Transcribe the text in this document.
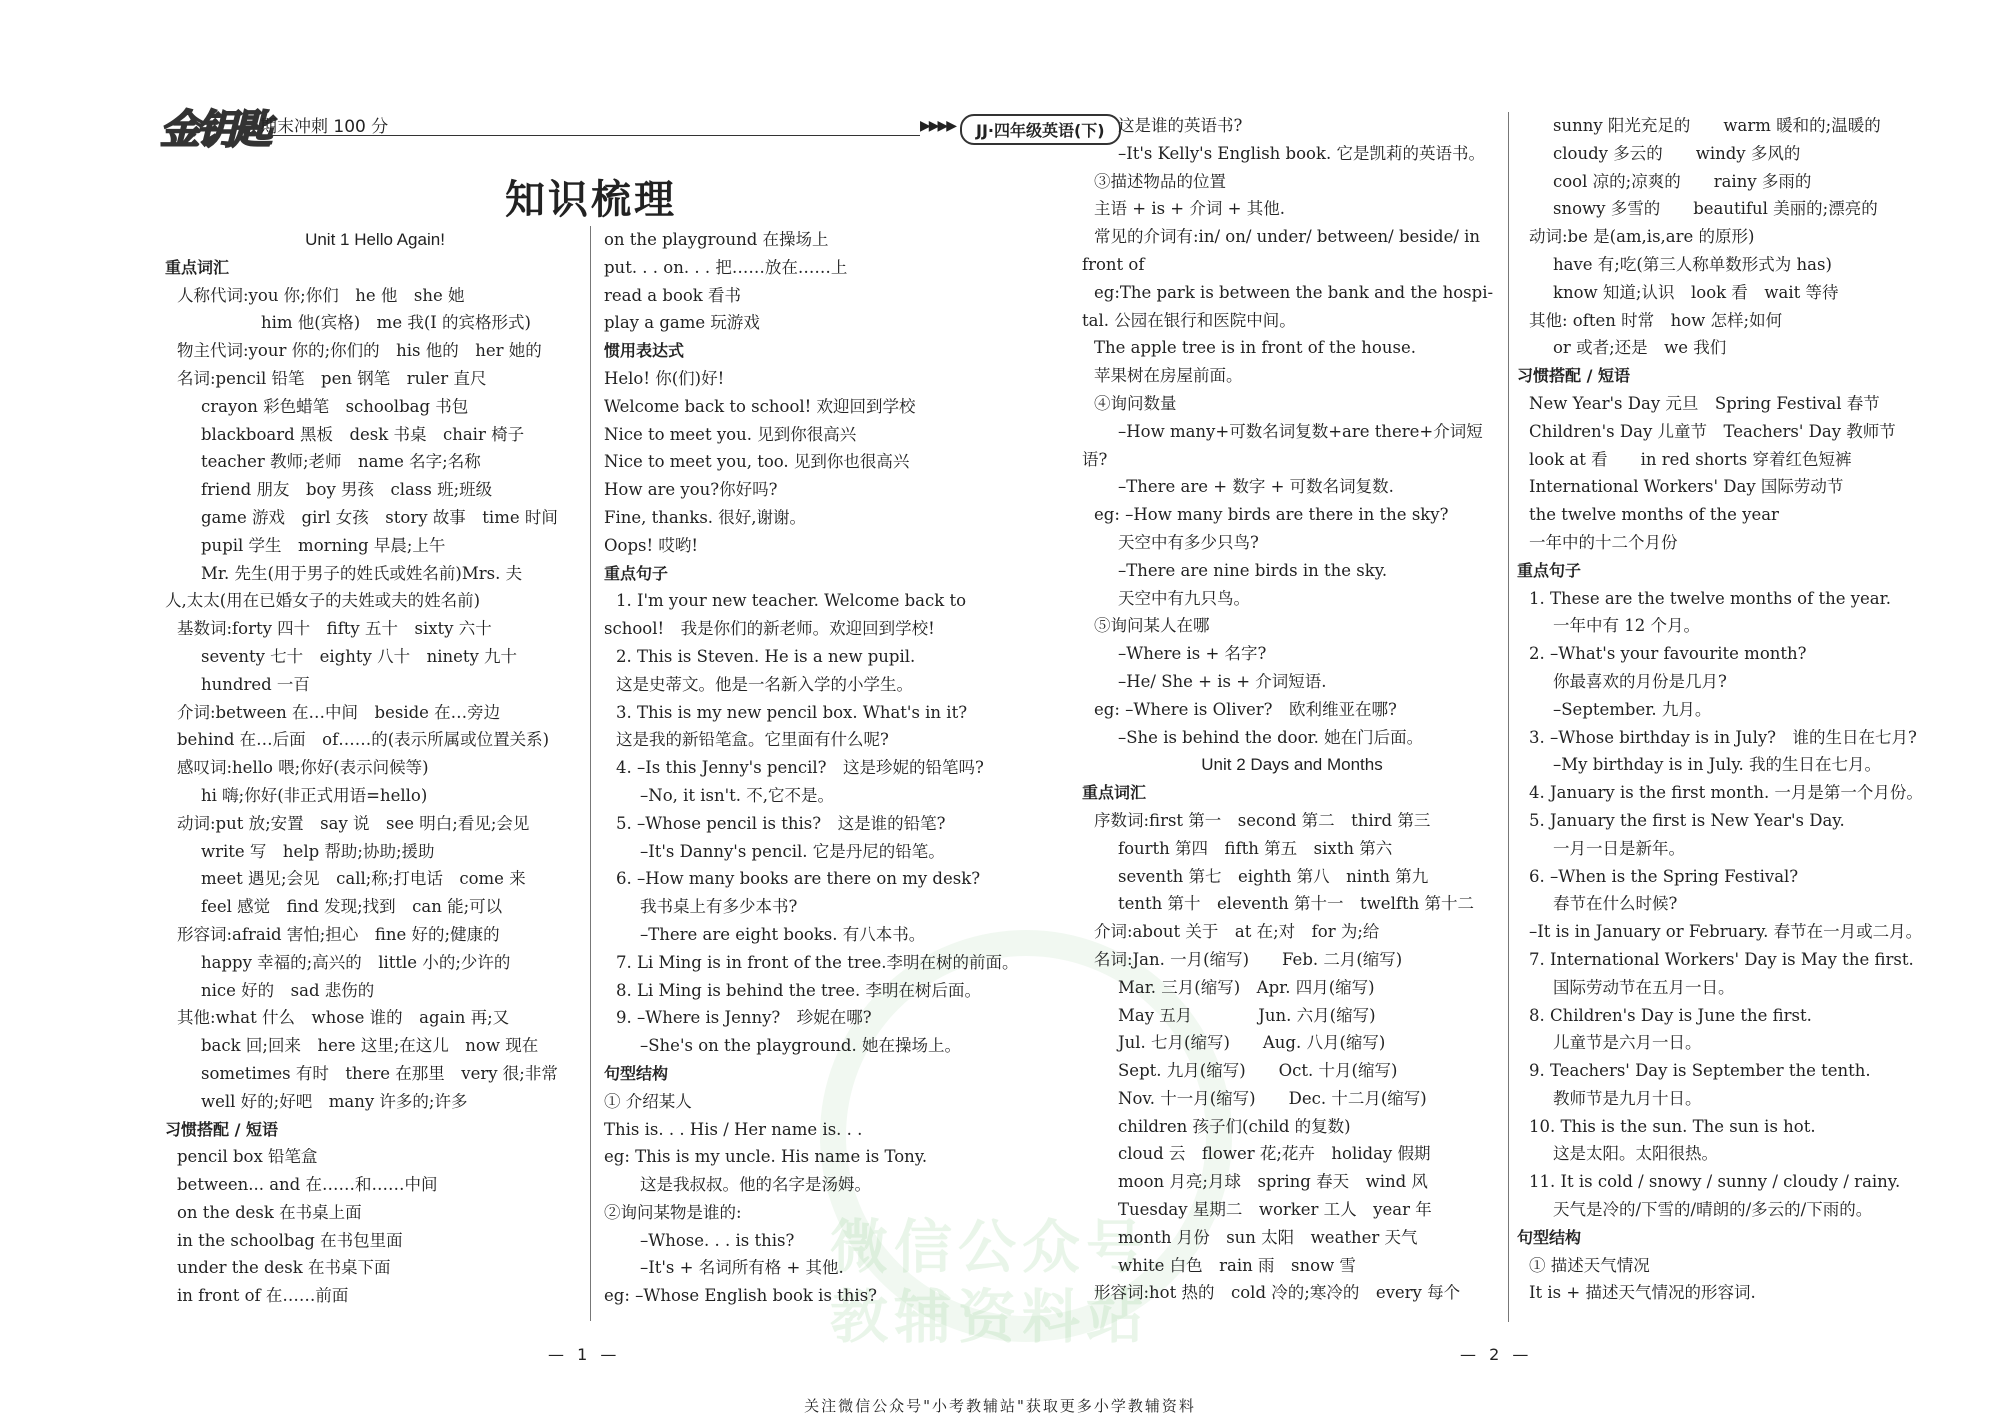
金钥匙
期末冲刺 100 分	▶▶▶▶	JJ·四年级英语(下)
知识梳理
微信公众号
教辅资料站
Unit 1 Hello Again!
重点词汇
人称代词:you 你;你们　he 他　she 她
him 他(宾格)　me 我(I 的宾格形式)
物主代词:your 你的;你们的　his 他的　her 她的
名词:pencil 铅笔　pen 钢笔　ruler 直尺
crayon 彩色蜡笔　schoolbag 书包
blackboard 黑板　desk 书桌　chair 椅子
teacher 教师;老师　name 名字;名称
friend 朋友　boy 男孩　class 班;班级
game 游戏　girl 女孩　story 故事　time 时间
pupil 学生　morning 早晨;上午
Mr. 先生(用于男子的姓氏或姓名前)Mrs. 夫
人,太太(用在已婚女子的夫姓或夫的姓名前)
基数词:forty 四十　fifty 五十　sixty 六十
seventy 七十　eighty 八十　ninety 九十
hundred 一百
介词:between 在…中间　beside 在…旁边
behind 在…后面　of……的(表示所属或位置关系)
感叹词:hello 喂;你好(表示问候等)
hi 嗨;你好(非正式用语=hello)
动词:put 放;安置　say 说　see 明白;看见;会见
write 写　help 帮助;协助;援助
meet 遇见;会见　call;称;打电话　come 来
feel 感觉　find 发现;找到　can 能;可以
形容词:afraid 害怕;担心　fine 好的;健康的
happy 幸福的;高兴的　little 小的;少许的
nice 好的　sad 悲伤的
其他:what 什么　whose 谁的　again 再;又
back 回;回来　here 这里;在这儿　now 现在
sometimes 有时　there 在那里　very 很;非常
well 好的;好吧　many 许多的;许多
习惯搭配 / 短语
pencil box 铅笔盒
between... and 在……和……中间
on the desk 在书桌上面
in the schoolbag 在书包里面
under the desk 在书桌下面
in front of 在……前面
on the playground 在操场上
put. . . on. . . 把……放在……上
read a book 看书
play a game 玩游戏
惯用表达式
Helo! 你(们)好!
Welcome back to school! 欢迎回到学校
Nice to meet you. 见到你很高兴
Nice to meet you, too. 见到你也很高兴
How are you?你好吗?
Fine, thanks. 很好,谢谢。
Oops! 哎哟!
重点句子
1. I'm your new teacher. Welcome back to
school!　我是你们的新老师。欢迎回到学校!
2. This is Steven. He is a new pupil.
这是史蒂文。他是一名新入学的小学生。
3. This is my new pencil box. What's in it?
这是我的新铅笔盒。它里面有什么呢?
4. –Is this Jenny's pencil?　这是珍妮的铅笔吗?
–No, it isn't. 不,它不是。
5. –Whose pencil is this?　这是谁的铅笔?
–It's Danny's pencil. 它是丹尼的铅笔。
6. –How many books are there on my desk?
我书桌上有多少本书?
–There are eight books. 有八本书。
7. Li Ming is in front of the tree.李明在树的前面。
8. Li Ming is behind the tree. 李明在树后面。
9. –Where is Jenny?　珍妮在哪?
–She's on the playground. 她在操场上。
句型结构
① 介绍某人
This is. . . His / Her name is. . .
eg: This is my uncle. His name is Tony.
这是我叔叔。他的名字是汤姆。
②询问某物是谁的:
–Whose. . . is this?
–It's + 名词所有格 + 其他.
eg: –Whose English book is this?
这是谁的英语书?
–It's Kelly's English book. 它是凯莉的英语书。
③描述物品的位置
主语 + is + 介词 + 其他.
常见的介词有:in/ on/ under/ between/ beside/ in
front of
eg:The park is between the bank and the hospi-
tal. 公园在银行和医院中间。
The apple tree is in front of the house.
苹果树在房屋前面。
④询问数量
–How many+可数名词复数+are there+介词短
语?
–There are + 数字 + 可数名词复数.
eg: –How many birds are there in the sky?
天空中有多少只鸟?
–There are nine birds in the sky.
天空中有九只鸟。
⑤询问某人在哪
–Where is + 名字?
–He/ She + is + 介词短语.
eg: –Where is Oliver?　欧利维亚在哪?
–She is behind the door. 她在门后面。
Unit 2 Days and Months
重点词汇
序数词:first 第一　second 第二　third 第三
fourth 第四　fifth 第五　sixth 第六
seventh 第七　eighth 第八　ninth 第九
tenth 第十　eleventh 第十一　twelfth 第十二
介词:about 关于　at 在;对　for 为;给
名词:Jan. 一月(缩写)　　Feb. 二月(缩写)
Mar. 三月(缩写)　Apr. 四月(缩写)
May 五月　　　　Jun. 六月(缩写)
Jul. 七月(缩写)　　Aug. 八月(缩写)
Sept. 九月(缩写)　　Oct. 十月(缩写)
Nov. 十一月(缩写)　　Dec. 十二月(缩写)
children 孩子们(child 的复数)
cloud 云　flower 花;花卉　holiday 假期
moon 月亮;月球　spring 春天　wind 风
Tuesday 星期二　worker 工人　year 年
month 月份　sun 太阳　weather 天气
white 白色　rain 雨　snow 雪
形容词:hot 热的　cold 冷的;寒冷的　every 每个
sunny 阳光充足的　　warm 暖和的;温暖的
cloudy 多云的　　windy 多风的
cool 凉的;凉爽的　　rainy 多雨的
snowy 多雪的　　beautiful 美丽的;漂亮的
动词:be 是(am,is,are 的原形)
have 有;吃(第三人称单数形式为 has)
know 知道;认识　look 看　wait 等待
其他: often 时常　how 怎样;如何
or 或者;还是　we 我们
习惯搭配 / 短语
New Year's Day 元旦　Spring Festival 春节
Children's Day 儿童节　Teachers' Day 教师节
look at 看　　in red shorts 穿着红色短裤
International Workers' Day 国际劳动节
the twelve months of the year
一年中的十二个月份
重点句子
1. These are the twelve months of the year.
一年中有 12 个月。
2. –What's your favourite month?
你最喜欢的月份是几月?
–September. 九月。
3. –Whose birthday is in July?　谁的生日在七月?
–My birthday is in July. 我的生日在七月。
4. January is the first month. 一月是第一个月份。
5. January the first is New Year's Day.
一月一日是新年。
6. –When is the Spring Festival?
春节在什么时候?
–It is in January or February. 春节在一月或二月。
7. International Workers' Day is May the first.
国际劳动节在五月一日。
8. Children's Day is June the first.
儿童节是六月一日。
9. Teachers' Day is September the tenth.
教师节是九月十日。
10. This is the sun. The sun is hot.
这是太阳。太阳很热。
11. It is cold / snowy / sunny / cloudy / rainy.
天气是冷的/下雪的/晴朗的/多云的/下雨的。
句型结构
① 描述天气情况
It is + 描述天气情况的形容词.
— 1 —	— 2 —
关注微信公众号"小考教辅站"获取更多小学教辅资料
